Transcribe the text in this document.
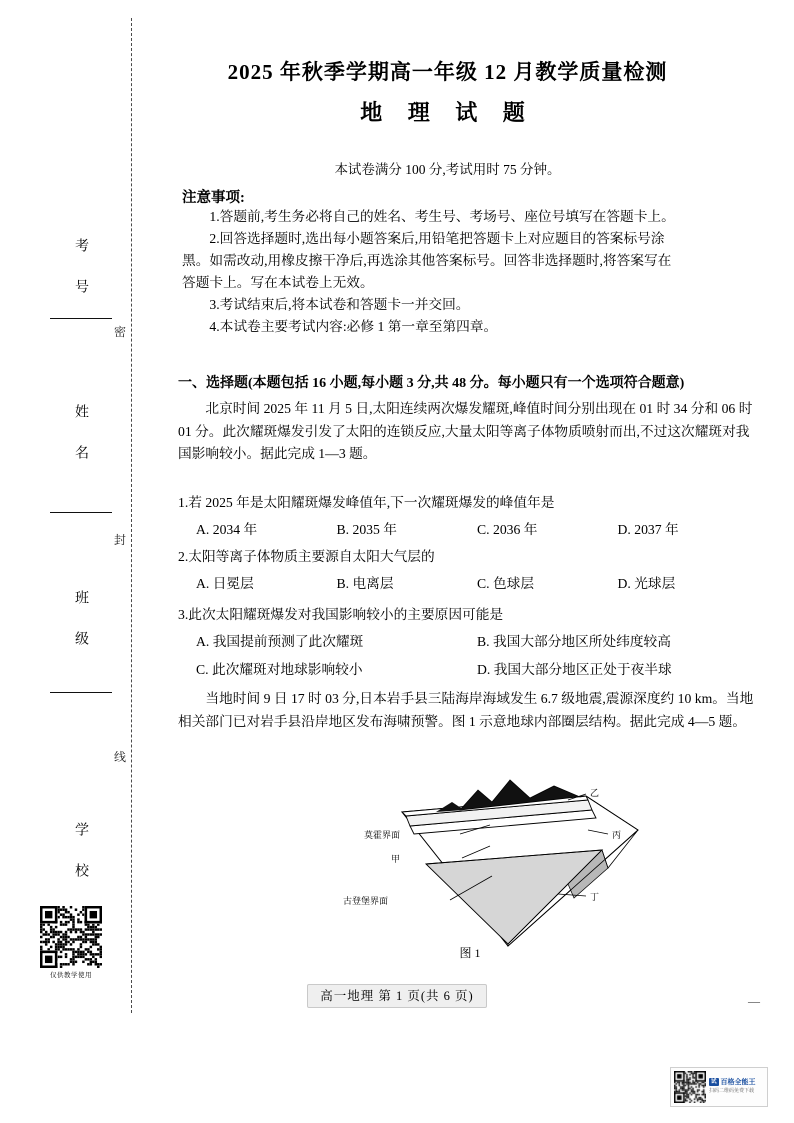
考 号
姓 名
班 级
学 校
密
封
线
2025 年秋季学期高一年级 12 月教学质量检测
地 理 试 题
本试卷满分 100 分,考试用时 75 分钟。
注意事项:

1.答题前,考生务必将自己的姓名、考生号、考场号、座位号填写在答题卡上。

2.回答选择题时,选出每小题答案后,用铅笔把答题卡上对应题目的答案标号涂

黑。如需改动,用橡皮擦干净后,再选涂其他答案标号。回答非选择题时,将答案写在

答题卡上。写在本试卷上无效。

3.考试结束后,将本试卷和答题卡一并交回。

4.本试卷主要考试内容:必修 1 第一章至第四章。

一、选择题(本题包括 16 小题,每小题 3 分,共 48 分。每小题只有一个选项符合题意)

北京时间 2025 年 11 月 5 日,太阳连续两次爆发耀斑,峰值时间分别出现在 01 时 34 分和 06 时 01 分。此次耀斑爆发引发了太阳的连锁反应,大量太阳等离子体物质喷射而出,不过这次耀斑对我国影响较小。据此完成 1—3 题。

1.若 2025 年是太阳耀斑爆发峰值年,下一次耀斑爆发的峰值年是
A. 2034 年	B. 2035 年	C. 2036 年	D. 2037 年
2.太阳等离子体物质主要源自太阳大气层的
A. 日冕层	B. 电离层	C. 色球层	D. 光球层
3.此次太阳耀斑爆发对我国影响较小的主要原因可能是
A. 我国提前预测了此次耀斑	B. 我国大部分地区所处纬度较高
C. 此次耀斑对地球影响较小	D. 我国大部分地区正处于夜半球

当地时间 9 日 17 时 03 分,日本岩手县三陆海岸海域发生 6.7 级地震,震源深度约 10 km。当地相关部门已对岩手县沿岸地区发布海啸预警。图 1 示意地球内部圈层结构。据此完成 4—5 题。

莫霍界面
甲
古登堡界面
乙
丙
丁
图 1
仅供教学使用
高一地理 第 1 页(共 6 页)	—
试 百格全能王
扫码二维码免费下载
